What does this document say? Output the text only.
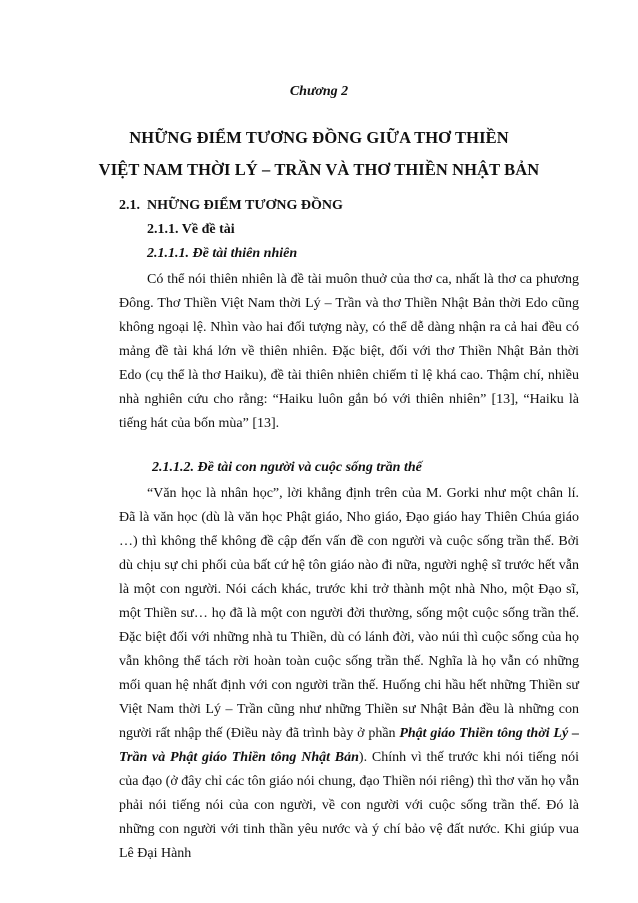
Chương 2
NHỮNG ĐIỂM TƯƠNG ĐỒNG GIỮA THƠ THIỀN
VIỆT NAM THỜI LÝ – TRẦN VÀ THƠ THIỀN NHẬT BẢN
2.1. NHỮNG ĐIỂM TƯƠNG ĐỒNG
2.1.1. Về đề tài
2.1.1.1. Đề tài thiên nhiên

Có thể nói thiên nhiên là đề tài muôn thuở của thơ ca, nhất là thơ ca phương Đông. Thơ Thiền Việt Nam thời Lý – Trần và thơ Thiền Nhật Bản thời Edo cũng không ngoại lệ. Nhìn vào hai đối tượng này, có thể dễ dàng nhận ra cả hai đều có mảng đề tài khá lớn về thiên nhiên. Đặc biệt, đối với thơ Thiền Nhật Bản thời Edo (cụ thể là thơ Haiku), đề tài thiên nhiên chiếm tỉ lệ khá cao. Thậm chí, nhiều nhà nghiên cứu cho rằng: “Haiku luôn gắn bó với thiên nhiên” [13], “Haiku là tiếng hát của bốn mùa” [13].

2.1.1.2. Đề tài con người và cuộc sống trần thế

“Văn học là nhân học”, lời khẳng định trên của M. Gorki như một chân lí. Đã là văn học (dù là văn học Phật giáo, Nho giáo, Đạo giáo hay Thiên Chúa giáo …) thì không thể không đề cập đến vấn đề con người và cuộc sống trần thế. Bởi dù chịu sự chi phối của bất cứ hệ tôn giáo nào đi nữa, người nghệ sĩ trước hết vẫn là một con người. Nói cách khác, trước khi trở thành một nhà Nho, một Đạo sĩ, một Thiền sư… họ đã là một con người đời thường, sống một cuộc sống trần thế. Đặc biệt đối với những nhà tu Thiền, dù có lánh đời, vào núi thì cuộc sống của họ vẫn không thể tách rời hoàn toàn cuộc sống trần thế. Nghĩa là họ vẫn có những mối quan hệ nhất định với con người trần thế. Huống chi hầu hết những Thiền sư Việt Nam thời Lý – Trần cũng như những Thiền sư Nhật Bản đều là những con người rất nhập thế (Điều này đã trình bày ở phần Phật giáo Thiền tông thời Lý – Trần và Phật giáo Thiền tông Nhật Bản). Chính vì thế trước khi nói tiếng nói của đạo (ở đây chỉ các tôn giáo nói chung, đạo Thiền nói riêng) thì thơ văn họ vẫn phải nói tiếng nói của con người, về con người với cuộc sống trần thế. Đó là những con người với tinh thần yêu nước và ý chí bảo vệ đất nước. Khi giúp vua Lê Đại Hành
